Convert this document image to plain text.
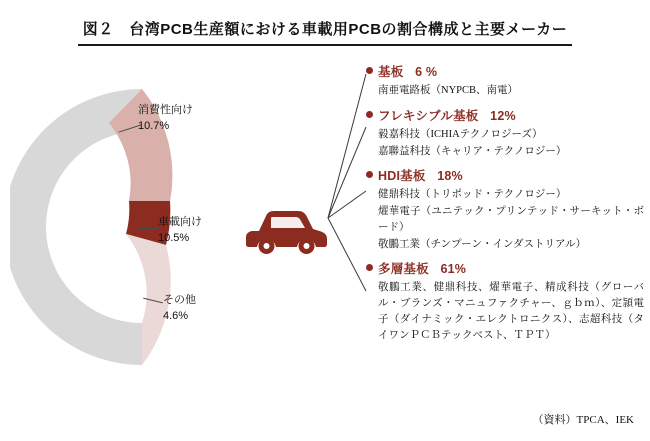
図２　台湾PCB生産額における車載用PCBの割合構成と主要メーカー
消費性向け
10.7%
車載向け
10.5%
その他
4.6%
基板 6 %
南亜電路板（NYPCB、南電）
フレキシブル基板 12%
毅嘉科技（ICHIAテクノロジーズ）
嘉聯益科技（キャリア・テクノロジー）
HDI基板 18%
健鼎科技（トリポッド・テクノロジー）
燿華電子（ユニテック・プリンテッド・サーキット・ボード）
敬鵬工業（チンプーン・インダストリアル）
多層基板 61%
敬鵬工業、健鼎科技、燿華電子、精成科技（グローバル・ブランズ・マニュファクチャー、ｇｂｍ）、定頴電子（ダイナミック・エレクトロニクス）、志超科技（タイワンＰＣＢテックベスト、ＴＰＴ）
（資料）TPCA、IEK
